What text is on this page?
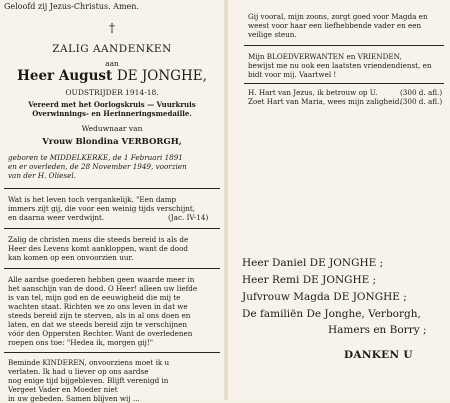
Geloofd zij Jezus-Christus. Amen.
†
ZALIG AANDENKEN
aan
Heer August DE JONGHE,
OUDSTRIJDER 1914-18.
Vereerd met het Oorlogskruis — Vuurkruis
Overwinnings- en Herinneringsmedaille.
Weduwnaar van
Vrouw Blondina VERBORGH,
geboren te MIDDELKERKE, de 1 Februari 1891
en er overleden, de 28 November 1949, voorzien
van der H. Oliesel.
Wat is het leven toch vergankelijk. "Een damp
immers zijt gij, die voor een weinig tijds verschijnt,
en daarna weer verdwijnt.	(Jac. IV-14)
Zalig de christen mens die steeds bereid is als de
Heer des Levens komt aankloppen, want de dood
kan komen op een onvoorzien uur.
Alle aardse goederen hebben geen waarde meer in
het aanschijn van de dood. O Heer! alleen uw liefde
is van tel, mijn god en de eeuwigheid die mij te
wachten staat. Richten we zo ons leven in dat we
steeds bereid zijn te sterven, als in al ons doen en
laten, en dat we steeds bereid zijn te verschijnen
vóór den Oppersten Rechter. Want de overledenen
roepen ons toe: "Hedea ik, morgen gij!"
Beminde KINDEREN, onvoorziens moet ik u
verlaten. Ik had u liever op ons aardse
nog enige tijd bijgebleven. Blijft verenigd in
Vergeet Vader en Moeder niet
in uw gebeden. Samen blijven wij ...
Gij vooral, mijn zoons, zorgt goed voor Magda en
weest voor haar een liefhebbende vader en een
veilige steun.
Mijn BLOEDVERWANTEN en VRIENDEN,
bewijst me nu ook een laatsten vriendendienst, en
bidt voor mij. Vaartwel !
H. Hart van Jezus, ik betrouw op U.	(300 d. afl.)
Zoet Hart van Maria, wees mijn zaligheid.
(300 d. afl.)
Heer Daniel DE JONGHE ;
Heer Remi DE JONGHE ;
Jufvrouw Magda DE JONGHE ;
De familiën De Jonghe, Verborgh,
Hamers en Borry ;
DANKEN U
